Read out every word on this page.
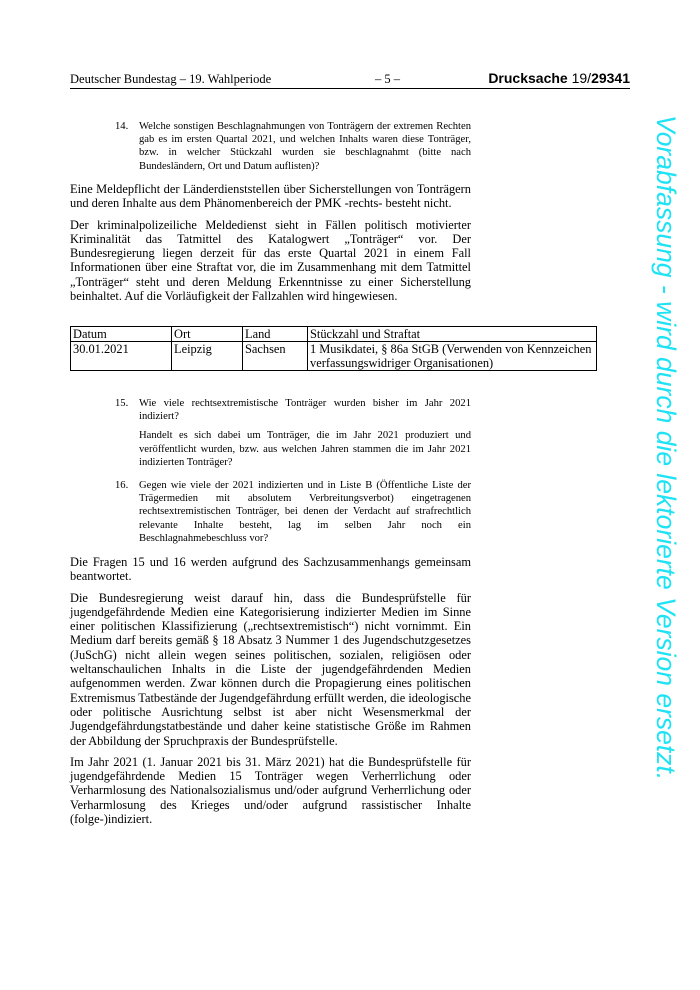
Deutscher Bundestag – 19. Wahlperiode	– 5 –	Drucksache 19/29341
14. Welche sonstigen Beschlagnahmungen von Tonträgern der extremen Rechten gab es im ersten Quartal 2021, und welchen Inhalts waren diese Tonträger, bzw. in welcher Stückzahl wurden sie beschlagnahmt (bitte nach Bundesländern, Ort und Datum auflisten)?

Eine Meldepflicht der Länderdienststellen über Sicherstellungen von Tonträgern und deren Inhalte aus dem Phänomenbereich der PMK -rechts- besteht nicht.

Der kriminalpolizeiliche Meldedienst sieht in Fällen politisch motivierter Kriminalität das Tatmittel des Katalogwert „Tonträger“ vor. Der Bundesregierung liegen derzeit für das erste Quartal 2021 in einem Fall Informationen über eine Straftat vor, die im Zusammenhang mit dem Tatmittel „Tonträger“ steht und deren Meldung Erkenntnisse zu einer Sicherstellung beinhaltet. Auf die Vorläufigkeit der Fallzahlen wird hingewiesen.

Datum	Ort	Land	Stückzahl und Straftat
30.01.2021	Leipzig	Sachsen	1 Musikdatei, § 86a StGB (Verwenden von Kennzeichen verfassungswidriger Organisationen)
15. Wie viele rechtsextremistische Tonträger wurden bisher im Jahr 2021 indiziert?

Handelt es sich dabei um Tonträger, die im Jahr 2021 produziert und veröffentlicht wurden, bzw. aus welchen Jahren stammen die im Jahr 2021 indizierten Tonträger?

16. Gegen wie viele der 2021 indizierten und in Liste B (Öffentliche Liste der Trägermedien mit absolutem Verbreitungsverbot) eingetragenen rechtsextremistischen Tonträger, bei denen der Verdacht auf strafrechtlich relevante Inhalte besteht, lag im selben Jahr noch ein Beschlagnahmebeschluss vor?

Die Fragen 15 und 16 werden aufgrund des Sachzusammenhangs gemeinsam beantwortet.

Die Bundesregierung weist darauf hin, dass die Bundesprüfstelle für jugendgefährdende Medien eine Kategorisierung indizierter Medien im Sinne einer politischen Klassifizierung („rechtsextremistisch“) nicht vornimmt. Ein Medium darf bereits gemäß § 18 Absatz 3 Nummer 1 des Jugendschutzgesetzes (JuSchG) nicht allein wegen seines politischen, sozialen, religiösen oder weltanschaulichen Inhalts in die Liste der jugendgefährdenden Medien aufgenommen werden. Zwar können durch die Propagierung eines politischen Extremismus Tatbestände der Jugendgefährdung erfüllt werden, die ideologische oder politische Ausrichtung selbst ist aber nicht Wesensmerkmal der Jugendgefährdungstatbestände und daher keine statistische Größe im Rahmen der Abbildung der Spruchpraxis der Bundesprüfstelle.

Im Jahr 2021 (1. Januar 2021 bis 31. März 2021) hat die Bundesprüfstelle für jugendgefährdende Medien 15 Tonträger wegen Verherrlichung oder Verharmlosung des Nationalsozialismus und/oder aufgrund Verherrlichung oder Verharmlosung des Krieges und/oder aufgrund rassistischer Inhalte (folge-)indiziert.

Vorabfassung - wird durch die lektorierte Version ersetzt.
